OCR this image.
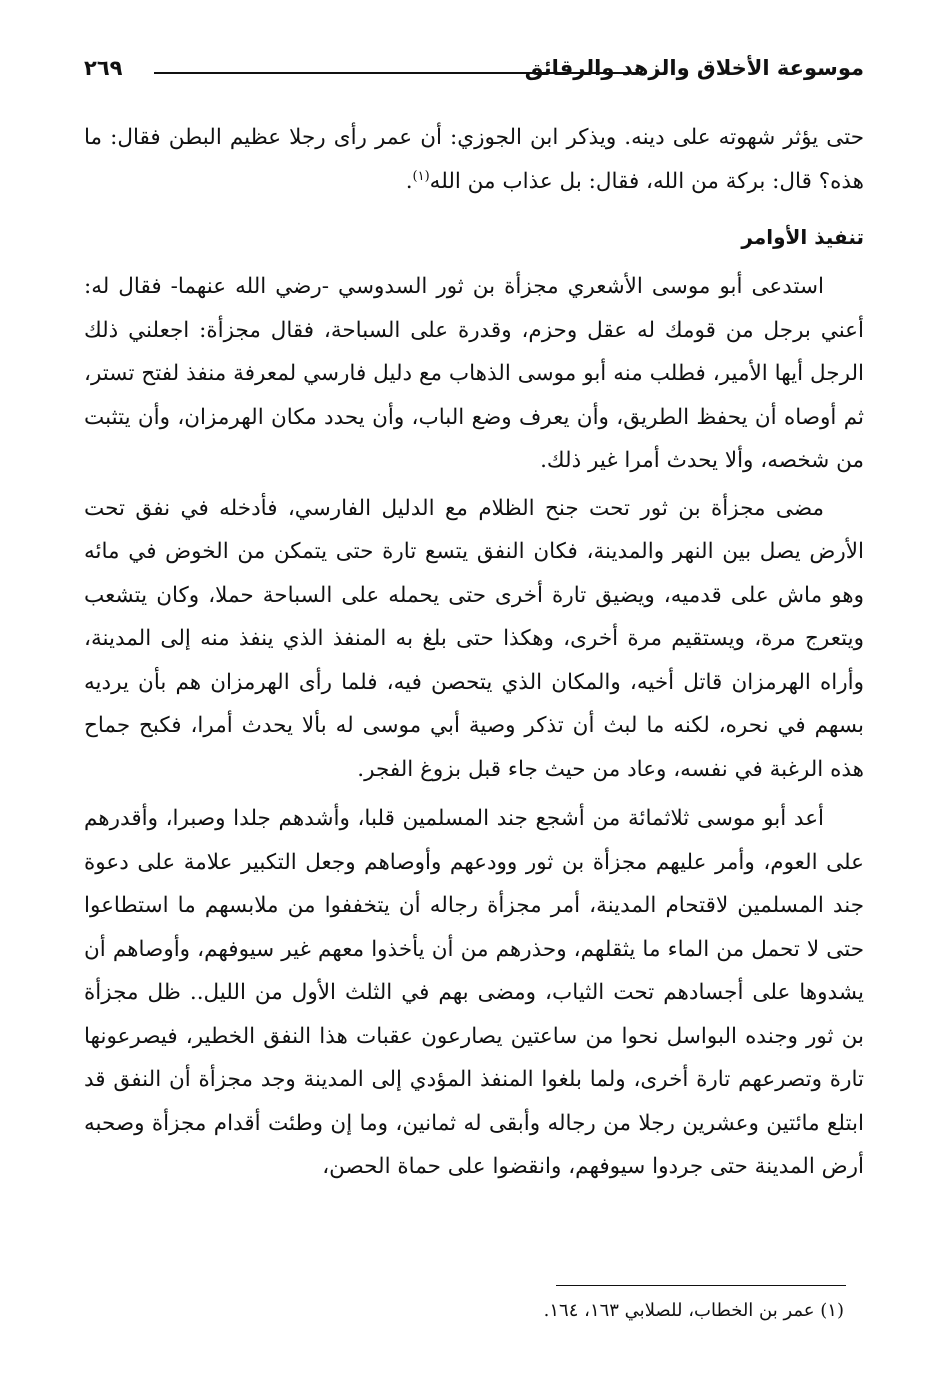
٢٦٩	موسوعة الأخلاق والزهد والرقائق

حتى يؤثر شهوته على دينه. ويذكر ابن الجوزي: أن عمر رأى رجلا عظيم البطن فقال: ما هذه؟ قال: بركة من الله، فقال: بل عذاب من الله$^{(١)}$.

تنفيذ الأوامر

استدعى أبو موسى الأشعري مجزأة بن ثور السدوسي -رضي الله عنهما- فقال له: أعني برجل من قومك له عقل وحزم، وقدرة على السباحة، فقال مجزأة: اجعلني ذلك الرجل أيها الأمير، فطلب منه أبو موسى الذهاب مع دليل فارسي لمعرفة منفذ لفتح تستر، ثم أوصاه أن يحفظ الطريق، وأن يعرف وضع الباب، وأن يحدد مكان الهرمزان، وأن يتثبت من شخصه، وألا يحدث أمرا غير ذلك.

مضى مجزأة بن ثور تحت جنح الظلام مع الدليل الفارسي، فأدخله في نفق تحت الأرض يصل بين النهر والمدينة، فكان النفق يتسع تارة حتى يتمكن من الخوض في مائه وهو ماش على قدميه، ويضيق تارة أخرى حتى يحمله على السباحة حملا، وكان يتشعب ويتعرج مرة، ويستقيم مرة أخرى، وهكذا حتى بلغ به المنفذ الذي ينفذ منه إلى المدينة، وأراه الهرمزان قاتل أخيه، والمكان الذي يتحصن فيه، فلما رأى الهرمزان هم بأن يرديه بسهم في نحره، لكنه ما لبث أن تذكر وصية أبي موسى له بألا يحدث أمرا، فكبح جماح هذه الرغبة في نفسه، وعاد من حيث جاء قبل بزوغ الفجر.

أعد أبو موسى ثلاثمائة من أشجع جند المسلمين قلبا، وأشدهم جلدا وصبرا، وأقدرهم على العوم، وأمر عليهم مجزأة بن ثور وودعهم وأوصاهم وجعل التكبير علامة على دعوة جند المسلمين لاقتحام المدينة، أمر مجزأة رجاله أن يتخففوا من ملابسهم ما استطاعوا حتى لا تحمل من الماء ما يثقلهم، وحذرهم من أن يأخذوا معهم غير سيوفهم، وأوصاهم أن يشدوها على أجسادهم تحت الثياب، ومضى بهم في الثلث الأول من الليل.. ظل مجزأة بن ثور وجنده البواسل نحوا من ساعتين يصارعون عقبات هذا النفق الخطير، فيصرعونها تارة وتصرعهم تارة أخرى، ولما بلغوا المنفذ المؤدي إلى المدينة وجد مجزأة أن النفق قد ابتلع مائتين وعشرين رجلا من رجاله وأبقى له ثمانين، وما إن وطئت أقدام مجزأة وصحبه أرض المدينة حتى جردوا سيوفهم، وانقضوا على حماة الحصن،

(١) عمر بن الخطاب، للصلابي ١٦٣، ١٦٤.
